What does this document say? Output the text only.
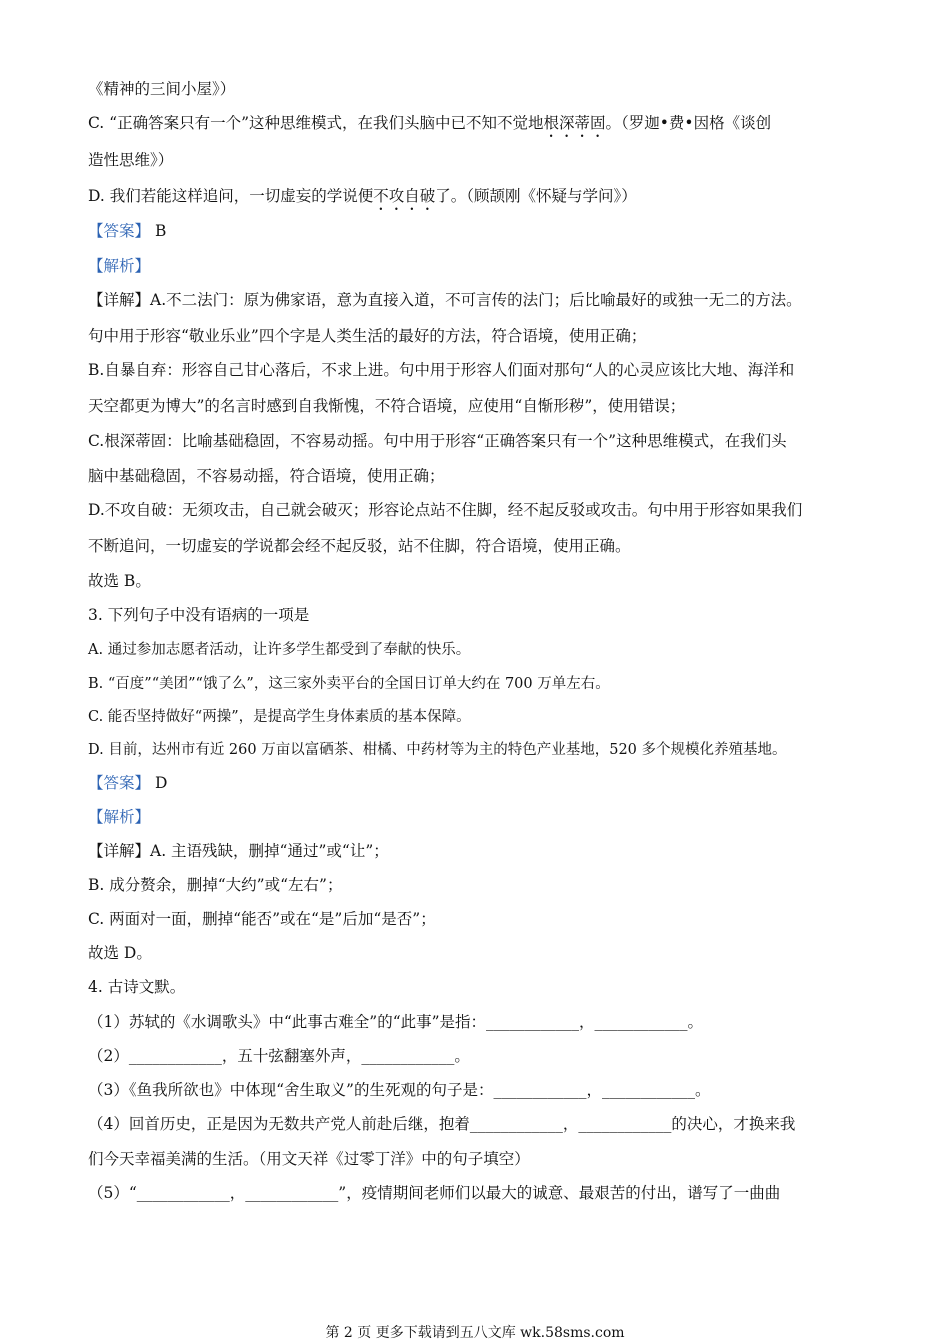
《精神的三间小屋》）
C. “正确答案只有一个”这种思维模式，在我们头脑中已不知不觉地根深蒂固。（罗迦•费•因格《谈创
造性思维》）
D. 我们若能这样追问，一切虚妄的学说便不攻自破了。（顾颉刚《怀疑与学问》）
【答案】 B
【解析】
【详解】A.不二法门：原为佛家语，意为直接入道，不可言传的法门；后比喻最好的或独一无二的方法。
句中用于形容“敬业乐业”四个字是人类生活的最好的方法，符合语境，使用正确；
B.自暴自弃：形容自己甘心落后，不求上进。句中用于形容人们面对那句“人的心灵应该比大地、海洋和
天空都更为博大”的名言时感到自我惭愧，不符合语境，应使用“自惭形秽”，使用错误；
C.根深蒂固：比喻基础稳固，不容易动摇。句中用于形容“正确答案只有一个”这种思维模式，在我们头
脑中基础稳固，不容易动摇，符合语境，使用正确；
D.不攻自破：无须攻击，自己就会破灭；形容论点站不住脚，经不起反驳或攻击。句中用于形容如果我们
不断追问，一切虚妄的学说都会经不起反驳，站不住脚，符合语境，使用正确。
故选 B。
3. 下列句子中没有语病的一项是
A. 通过参加志愿者活动，让许多学生都受到了奉献的快乐。
B. “百度”“美团”“饿了么”，这三家外卖平台的全国日订单大约在 700 万单左右。
C. 能否坚持做好“两操”，是提高学生身体素质的基本保障。
D. 目前，达州市有近 260 万亩以富硒茶、柑橘、中药材等为主的特色产业基地，520 多个规模化养殖基地。
【答案】 D
【解析】
【详解】A. 主语残缺，删掉“通过”或“让”；
B. 成分赘余，删掉“大约”或“左右”；
C. 两面对一面，删掉“能否”或在“是”后加“是否”；
故选 D。
4. 古诗文默。
（1）苏轼的《水调歌头》中“此事古难全”的“此事”是指：____________，____________。
（2）____________，五十弦翻塞外声，____________。
（3）《鱼我所欲也》中体现“舍生取义”的生死观的句子是：____________，____________。
（4）回首历史，正是因为无数共产党人前赴后继，抱着____________，____________的决心，才换来我
们今天幸福美满的生活。（用文天祥《过零丁洋》中的句子填空）
（5）“____________，____________”，疫情期间老师们以最大的诚意、最艰苦的付出，谱写了一曲曲
第 2 页 更多下载请到五八文库 wk.58sms.com
